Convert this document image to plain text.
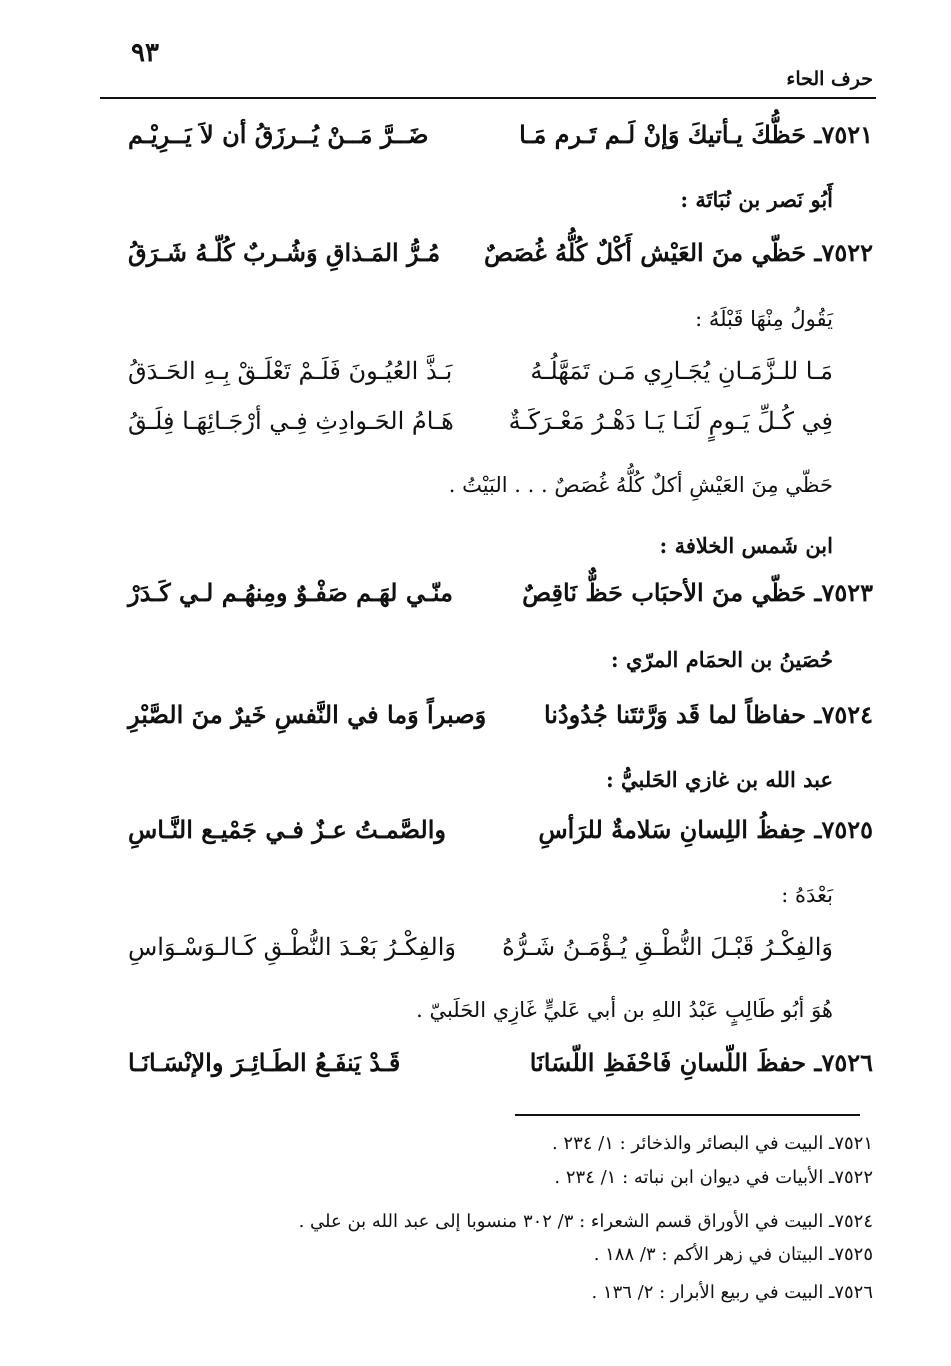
٩٣
حرف الحاء
٧٥٢١ـ حَظُّكَ يـأتيكَ وَإنْ لَـم تَـرم مَـا
ضَــرَّ مَــنْ يُــرزَقُ أن لاَ يَــرِيْـم
أَبُو نَصر بن نُبَاتَة :
٧٥٢٢ـ حَظّي منَ العَيْش أَكْلٌ كُلُّهُ غُصَصٌ
مُـرُّ المَـذاقِ وَشُـربٌ كُلّـهُ شَـرَقُ
يَقُولُ مِنْهَا قَبْلَهُ :
مَـا للـزَّمَـانِ يُجَـارِي مَـن تَمَهَّلُـهُ
بَـذَّ العُيُـونَ فَلَـمْ تَعْلَـقْ بِـهِ الحَـدَقُ
فِي كُـلِّ يَـومٍ لَنَـا يَـا دَهْـرُ مَعْـرَكَـةٌ
هَـامُ الحَـوادِثِ فِـي أرْجَـائِهَـا فِلَـقُ
حَظّي مِنَ العَيْشِ أكلٌ كُلُّهُ غُصَصٌ . . . البَيْتُ .
ابن شَمس الخلافة :
٧٥٢٣ـ حَظّي منَ الأحبَاب حَظٌّ نَاقِصٌ
منّـي لهَـم صَفْـوٌ ومِنهُـم لـي كَـدَرْ
حُصَينُ بن الحمَام المرّي :
٧٥٢٤ـ حفاظاً لما قَد وَرَّثتَنا جُدُودُنا
وَصبراً وَما في النَّفسِ خَيرٌ منَ الصَّبْرِ
عبد الله بن غازي الحَلبيُّ :
٧٥٢٥ـ حِفظُ اللِسانِ سَلامةٌ للرَأسِ
والصَّمـتُ عـزٌ فـي جَمْيـع النَّـاسِ
بَعْدَهُ :
وَالفِكْـرُ قَبْـلَ النُّطْـقِ يُـؤْمَـنُ شَـرُّهُ
وَالفِكْـرُ بَعْـدَ النُّطْـقِ كَـالـوَسْـوَاسِ
هُوَ أبُو طَالِبٍ عَبْدُ اللهِ بن أبي عَليٍّ غَازِي الحَلَبيّ .
٧٥٢٦ـ حفظَ اللّسانِ فَاحْفَظِ اللّسَانَا
قَـدْ يَنفَـعُ الطَـائِـرَ والإنْسَـانَـا
٧٥٢١ـ البيت في البصائر والذخائر : ١/ ٢٣٤ .
٧٥٢٢ـ الأبيات في ديوان ابن نباته : ١/ ٢٣٤ .
٧٥٢٤ـ البيت في الأوراق قسم الشعراء : ٣/ ٣٠٢ منسوبا إلى عبد الله بن علي .
٧٥٢٥ـ البيتان في زهر الأكم : ٣/ ١٨٨ .
٧٥٢٦ـ البيت في ربيع الأبرار : ٢/ ١٣٦ .
